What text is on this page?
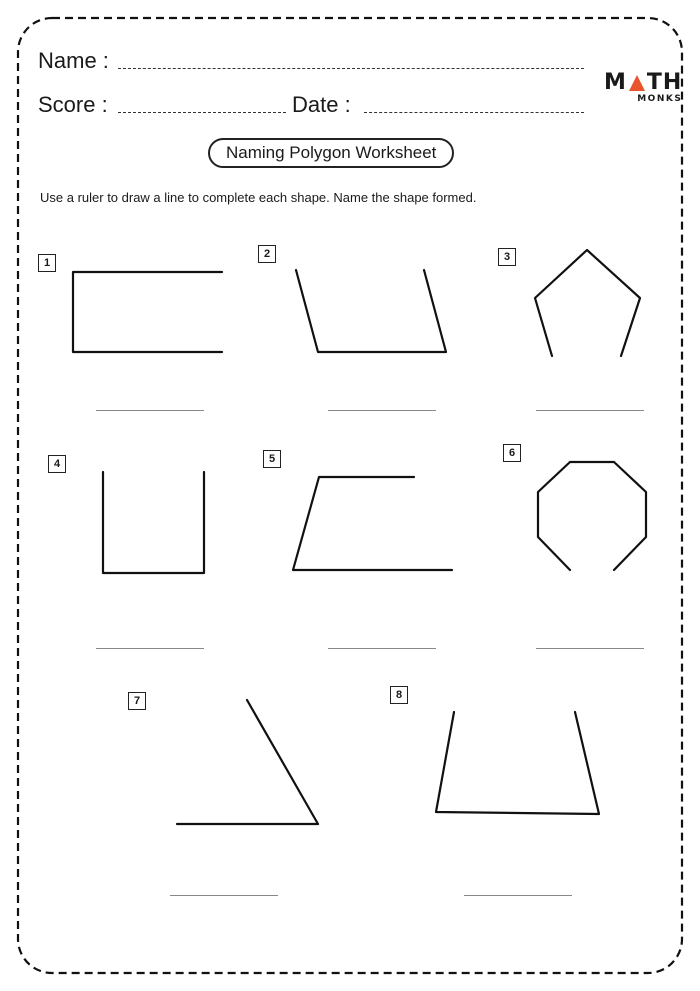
Name :
Score :	Date :
M TH
MONKS
Naming Polygon Worksheet
Use a ruler to draw a line to complete each shape. Name the shape formed.
1
2	3
4	5	6
7	8
